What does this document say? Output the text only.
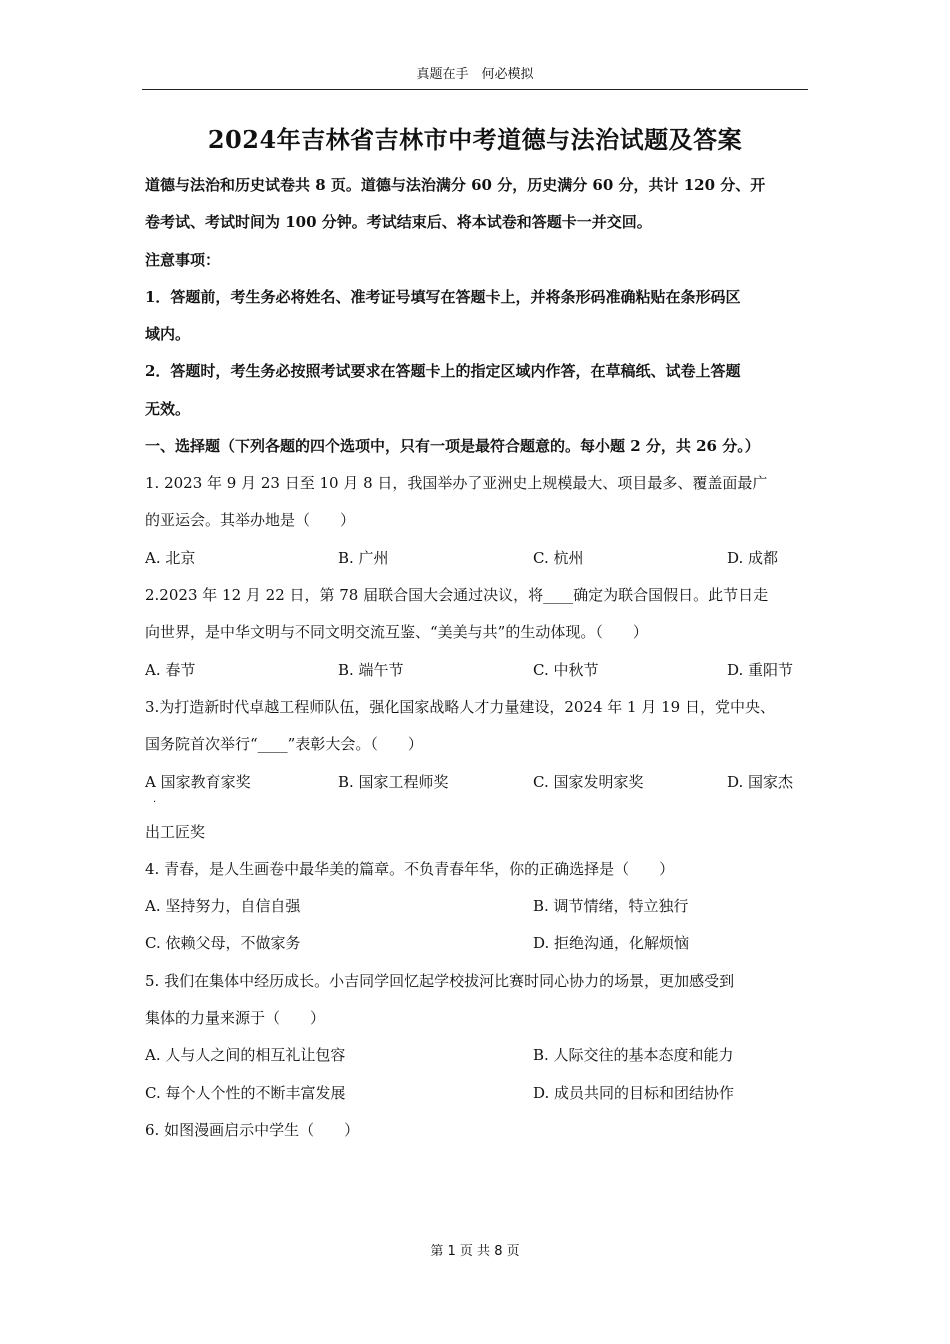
真题在手　何必模拟
2024年吉林省吉林市中考道德与法治试题及答案
道德与法治和历史试卷共 8 页。道德与法治满分 60 分，历史满分 60 分，共计 120 分、开
卷考试、考试时间为 100 分钟。考试结束后、将本试卷和答题卡一并交回。
注意事项：
1．答题前，考生务必将姓名、准考证号填写在答题卡上，并将条形码准确粘贴在条形码区
域内。
2．答题时，考生务必按照考试要求在答题卡上的指定区域内作答，在草稿纸、试卷上答题
无效。
一、选择题（下列各题的四个选项中，只有一项是最符合题意的。每小题 2 分，共 26 分。）
1. 2023 年 9 月 23 日至 10 月 8 日，我国举办了亚洲史上规模最大、项目最多、覆盖面最广
的亚运会。其举办地是（　　）
A. 北京	B. 广州	C. 杭州	D. 成都
2.2023 年 12 月 22 日，第 78 届联合国大会通过决议，将____确定为联合国假日。此节日走
向世界，是中华文明与不同文明交流互鉴、“美美与共”的生动体现。（　　）
A. 春节	B. 端午节	C. 中秋节	D. 重阳节
3.为打造新时代卓越工程师队伍，强化国家战略人才力量建设，2024 年 1 月 19 日，党中央、
国务院首次举行“____”表彰大会。（　　）
A 国家教育家奖	B. 国家工程师奖	C. 国家发明家奖	D. 国家杰
·
出工匠奖
4. 青春，是人生画卷中最华美的篇章。不负青春年华，你的正确选择是（　　）
A. 坚持努力，自信自强	B. 调节情绪，特立独行
C. 依赖父母，不做家务	D. 拒绝沟通，化解烦恼
5. 我们在集体中经历成长。小吉同学回忆起学校拔河比赛时同心协力的场景，更加感受到
集体的力量来源于（　　）
A. 人与人之间的相互礼让包容	B. 人际交往的基本态度和能力
C. 每个人个性的不断丰富发展	D. 成员共同的目标和团结协作
6. 如图漫画启示中学生（　　）
第 1 页 共 8 页
